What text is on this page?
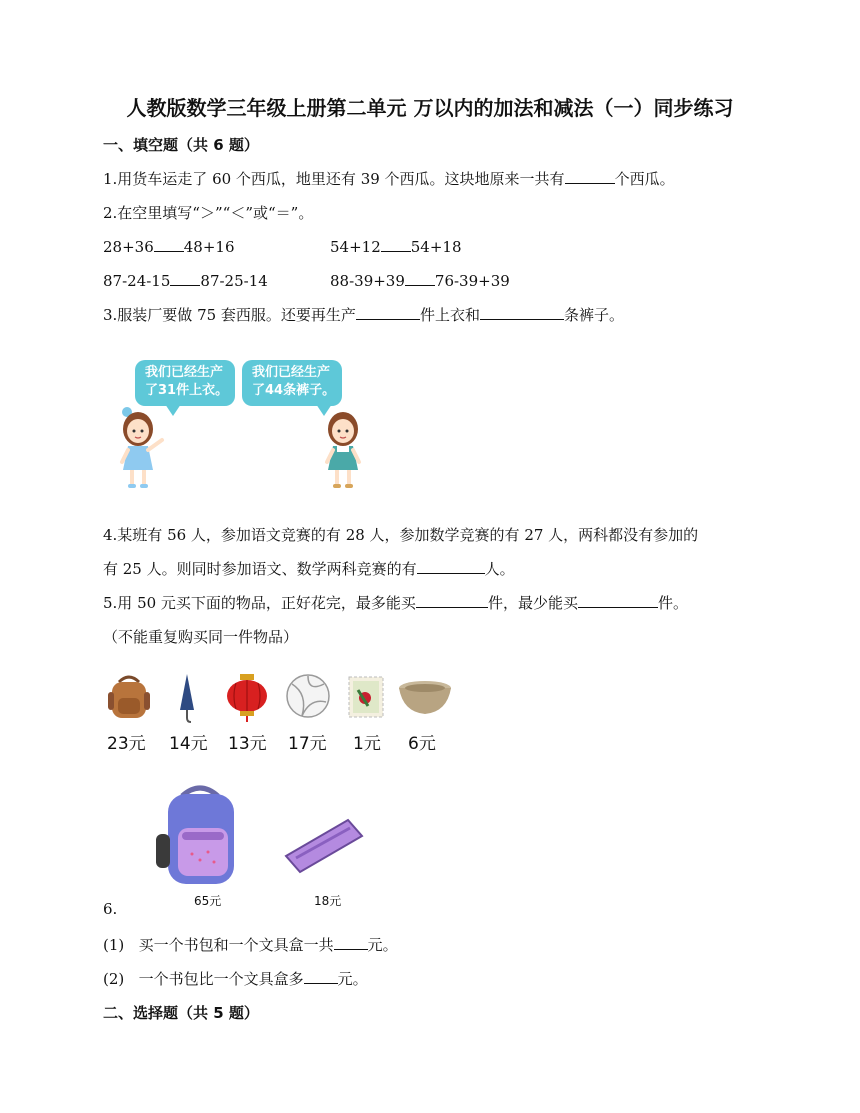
人教版数学三年级上册第二单元 万以内的加法和减法（一）同步练习
一、填空题（共 6 题）
1.用货车运走了 60 个西瓜，地里还有 39 个西瓜。这块地原来一共有	个西瓜。
2.在空里填写“＞”“＜”或“＝”。
28+36 48+16	54+12 54+18
87-24-15 87-25-14	88-39+39 76-39+39
3.服装厂要做 75 套西服。还要再生产	件上衣和	条裤子。
我们已经生产了31件上衣。
我们已经生产了44条裤子。
4.某班有 56 人，参加语文竞赛的有 28 人，参加数学竞赛的有 27 人，两科都没有参加的
有 25 人。则同时参加语文、数学两科竞赛的有	人。
5.用 50 元买下面的物品，正好花完，最多能买	件，最少能买	件。
（不能重复购买同一件物品）
23元 14元 13元 17元 1元 6元
65元	18元
6.
(1) 买一个书包和一个文具盒一共 元。
(2) 一个书包比一个文具盒多 元。
二、选择题（共 5 题）
